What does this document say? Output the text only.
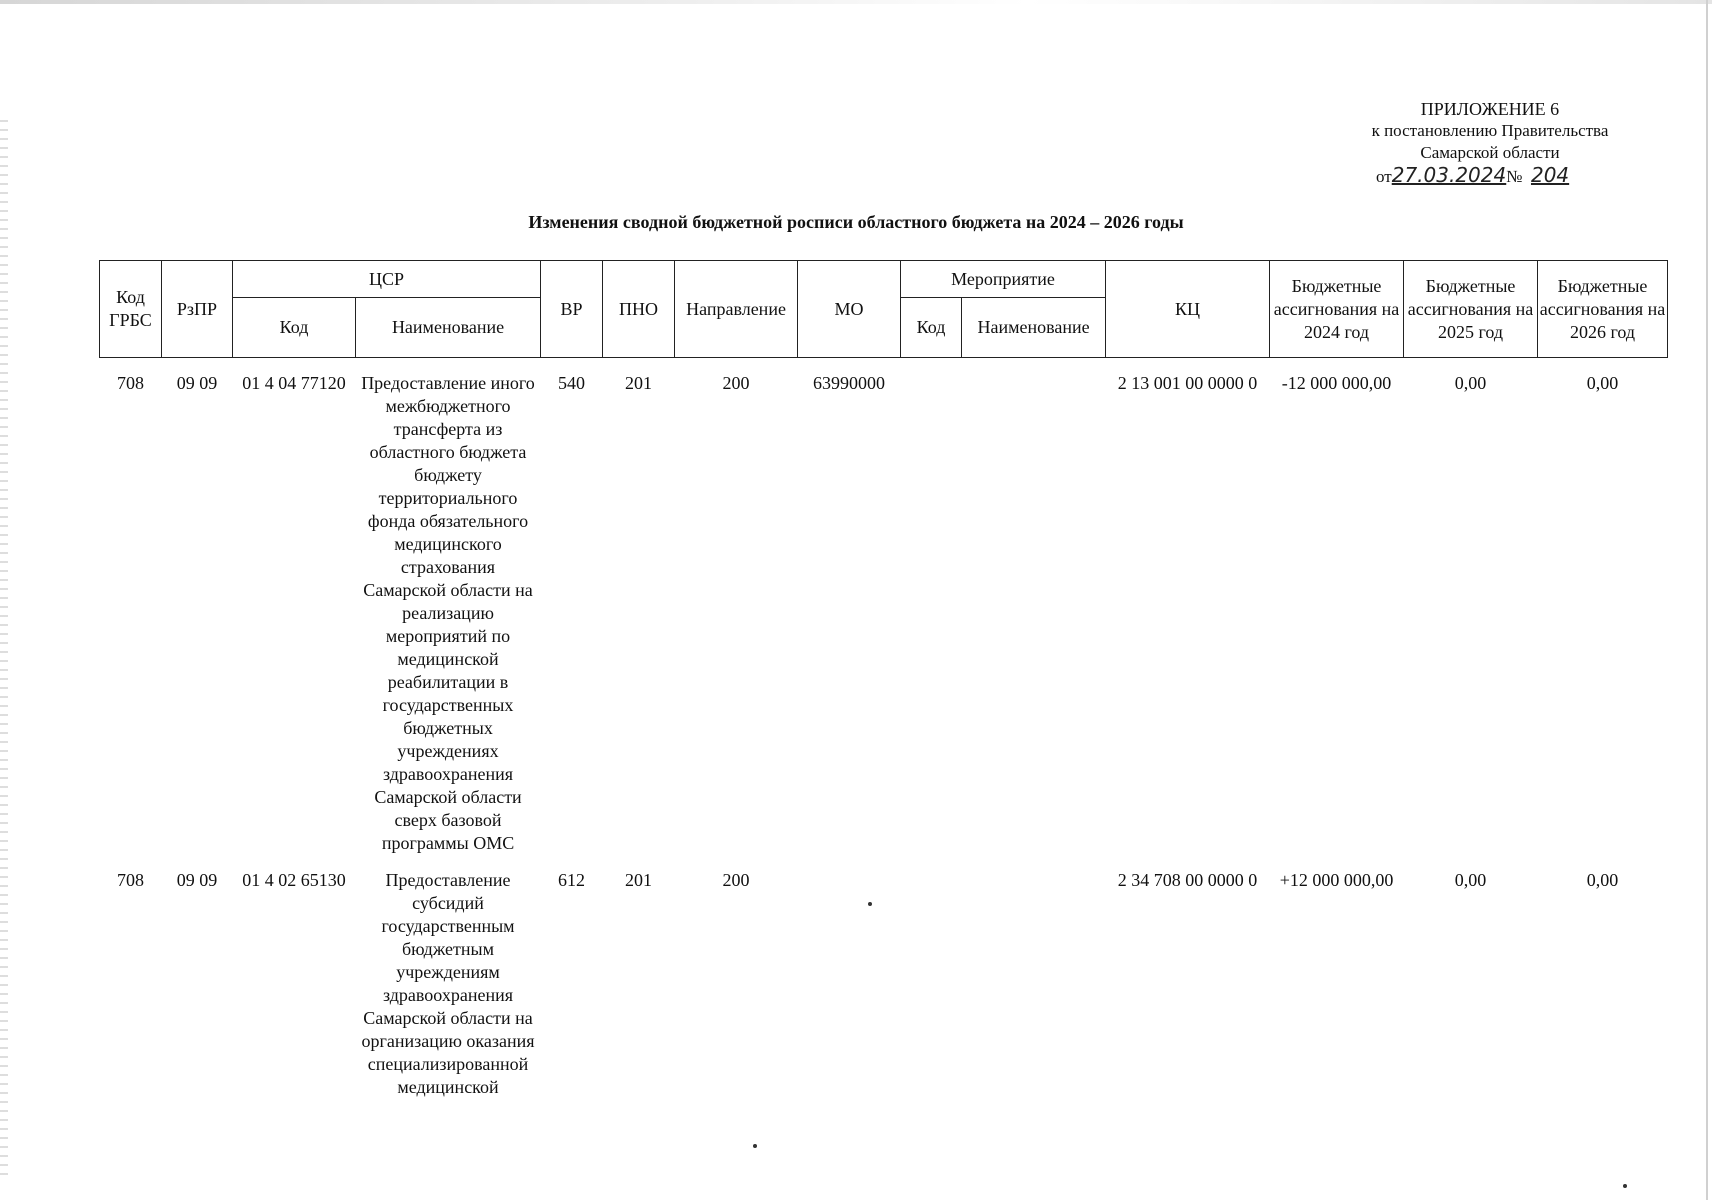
ПРИЛОЖЕНИЕ 6
к постановлению Правительства
Самарской области
от27.03.2024№ 204
Изменения сводной бюджетной росписи областного бюджета на 2024 – 2026 годы
Код ГРБС	РзПР	ЦСР		ВР	ПНО	Направление	МО	Мероприятие		КЦ	Бюджетные ассигнования на 2024 год	Бюджетные ассигнования на 2025 год	Бюджетные ассигнования на 2026 год
		Код	Наименование					Код	Наименование				
708	09 09	01 4 04 77120	Предоставление иного межбюджетного трансферта из областного бюджета бюджету территориального фонда обязательного медицинского страхования Самарской области на реализацию мероприятий по медицинской реабилитации в государственных бюджетных учреждениях здравоохранения Самарской области сверх базовой программы ОМС	540	201	200	63990000			2 13 001 00 0000 0	-12 000 000,00	0,00	0,00
708	09 09	01 4 02 65130	Предоставление субсидий государственным бюджетным учреждениям здравоохранения Самарской области на организацию оказания специализированной медицинской	612	201	200				2 34 708 00 0000 0	+12 000 000,00	0,00	0,00
